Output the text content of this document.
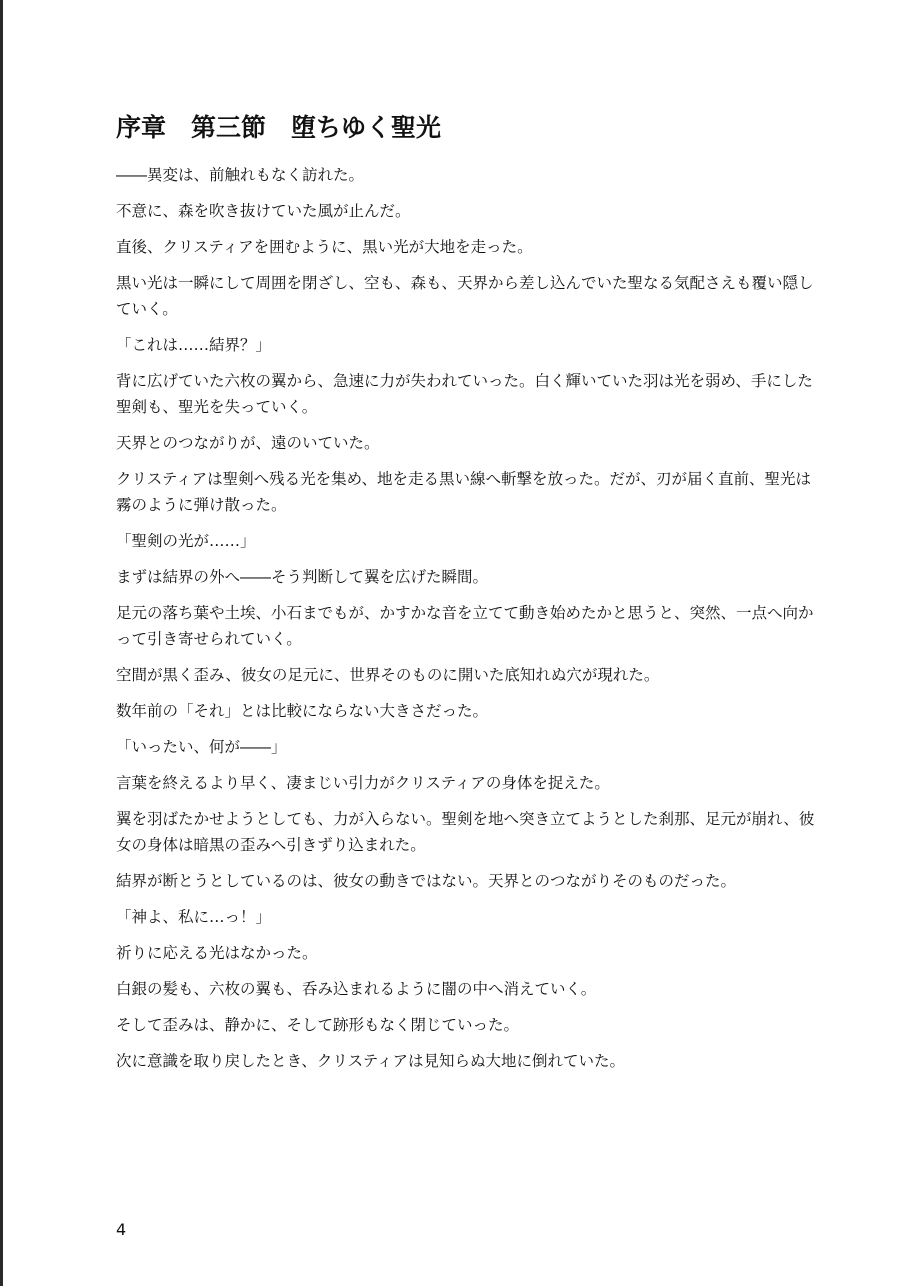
序章　第三節　堕ちゆく聖光

――異変は、前触れもなく訪れた。

不意に、森を吹き抜けていた風が止んだ。

直後、クリスティアを囲むように、黒い光が大地を走った。

黒い光は一瞬にして周囲を閉ざし、空も、森も、天界から差し込んでいた聖なる気配さえも覆い隠していく。

「これは……結界？」

背に広げていた六枚の翼から、急速に力が失われていった。白く輝いていた羽は光を弱め、手にした聖剣も、聖光を失っていく。

天界とのつながりが、遠のいていた。

クリスティアは聖剣へ残る光を集め、地を走る黒い線へ斬撃を放った。だが、刃が届く直前、聖光は霧のように弾け散った。

「聖剣の光が……」

まずは結界の外へ――そう判断して翼を広げた瞬間。

足元の落ち葉や土埃、小石までもが、かすかな音を立てて動き始めたかと思うと、突然、一点へ向かって引き寄せられていく。

空間が黒く歪み、彼女の足元に、世界そのものに開いた底知れぬ穴が現れた。

数年前の「それ」とは比較にならない大きさだった。

「いったい、何が――」

言葉を終えるより早く、凄まじい引力がクリスティアの身体を捉えた。

翼を羽ばたかせようとしても、力が入らない。聖剣を地へ突き立てようとした刹那、足元が崩れ、彼女の身体は暗黒の歪みへ引きずり込まれた。

結界が断とうとしているのは、彼女の動きではない。天界とのつながりそのものだった。

「神よ、私に…っ！」

祈りに応える光はなかった。

白銀の髪も、六枚の翼も、呑み込まれるように闇の中へ消えていく。

そして歪みは、静かに、そして跡形もなく閉じていった。

次に意識を取り戻したとき、クリスティアは見知らぬ大地に倒れていた。

4
